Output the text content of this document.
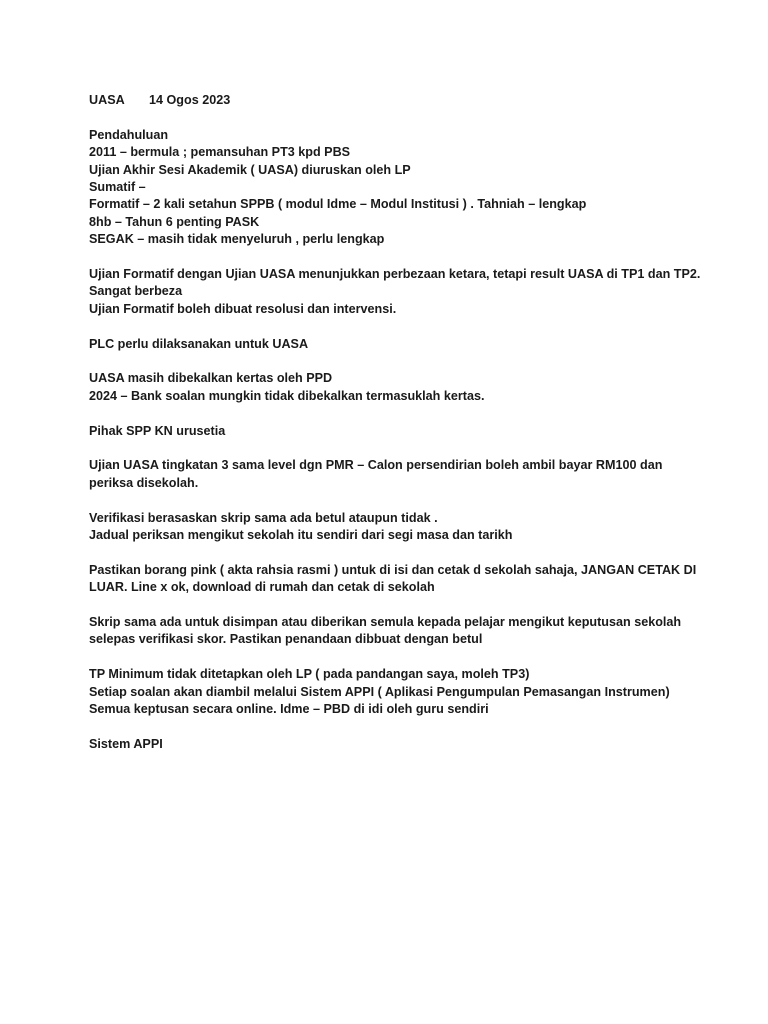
UASA 14 Ogos 2023
Pendahuluan
2011 – bermula ; pemansuhan PT3 kpd PBS
Ujian Akhir Sesi Akademik ( UASA) diuruskan oleh LP
Sumatif –
Formatif – 2 kali setahun SPPB ( modul Idme – Modul Institusi ) . Tahniah – lengkap
8hb – Tahun 6 penting PASK
SEGAK – masih tidak menyeluruh , perlu lengkap
Ujian Formatif dengan Ujian UASA menunjukkan perbezaan ketara, tetapi result UASA di TP1 dan TP2.
Sangat berbeza
Ujian Formatif boleh dibuat resolusi dan intervensi.
PLC perlu dilaksanakan untuk UASA
UASA masih dibekalkan kertas oleh PPD
2024 – Bank soalan mungkin tidak dibekalkan termasuklah kertas.
Pihak SPP KN urusetia
Ujian UASA tingkatan 3 sama level dgn PMR – Calon persendirian boleh ambil bayar RM100 dan
periksa disekolah.
Verifikasi berasaskan skrip sama ada betul ataupun tidak .
Jadual periksan mengikut sekolah itu sendiri dari segi masa dan tarikh
Pastikan borang pink ( akta rahsia rasmi ) untuk di isi dan cetak d sekolah sahaja, JANGAN CETAK DI
LUAR. Line x ok, download di rumah dan cetak di sekolah
Skrip sama ada untuk disimpan atau diberikan semula kepada pelajar mengikut keputusan sekolah
selepas verifikasi skor. Pastikan penandaan dibbuat dengan betul
TP Minimum tidak ditetapkan oleh LP ( pada pandangan saya, moleh TP3)
Setiap soalan akan diambil melalui Sistem APPI ( Aplikasi Pengumpulan Pemasangan Instrumen)
Semua keptusan secara online. Idme – PBD di idi oleh guru sendiri
Sistem APPI
